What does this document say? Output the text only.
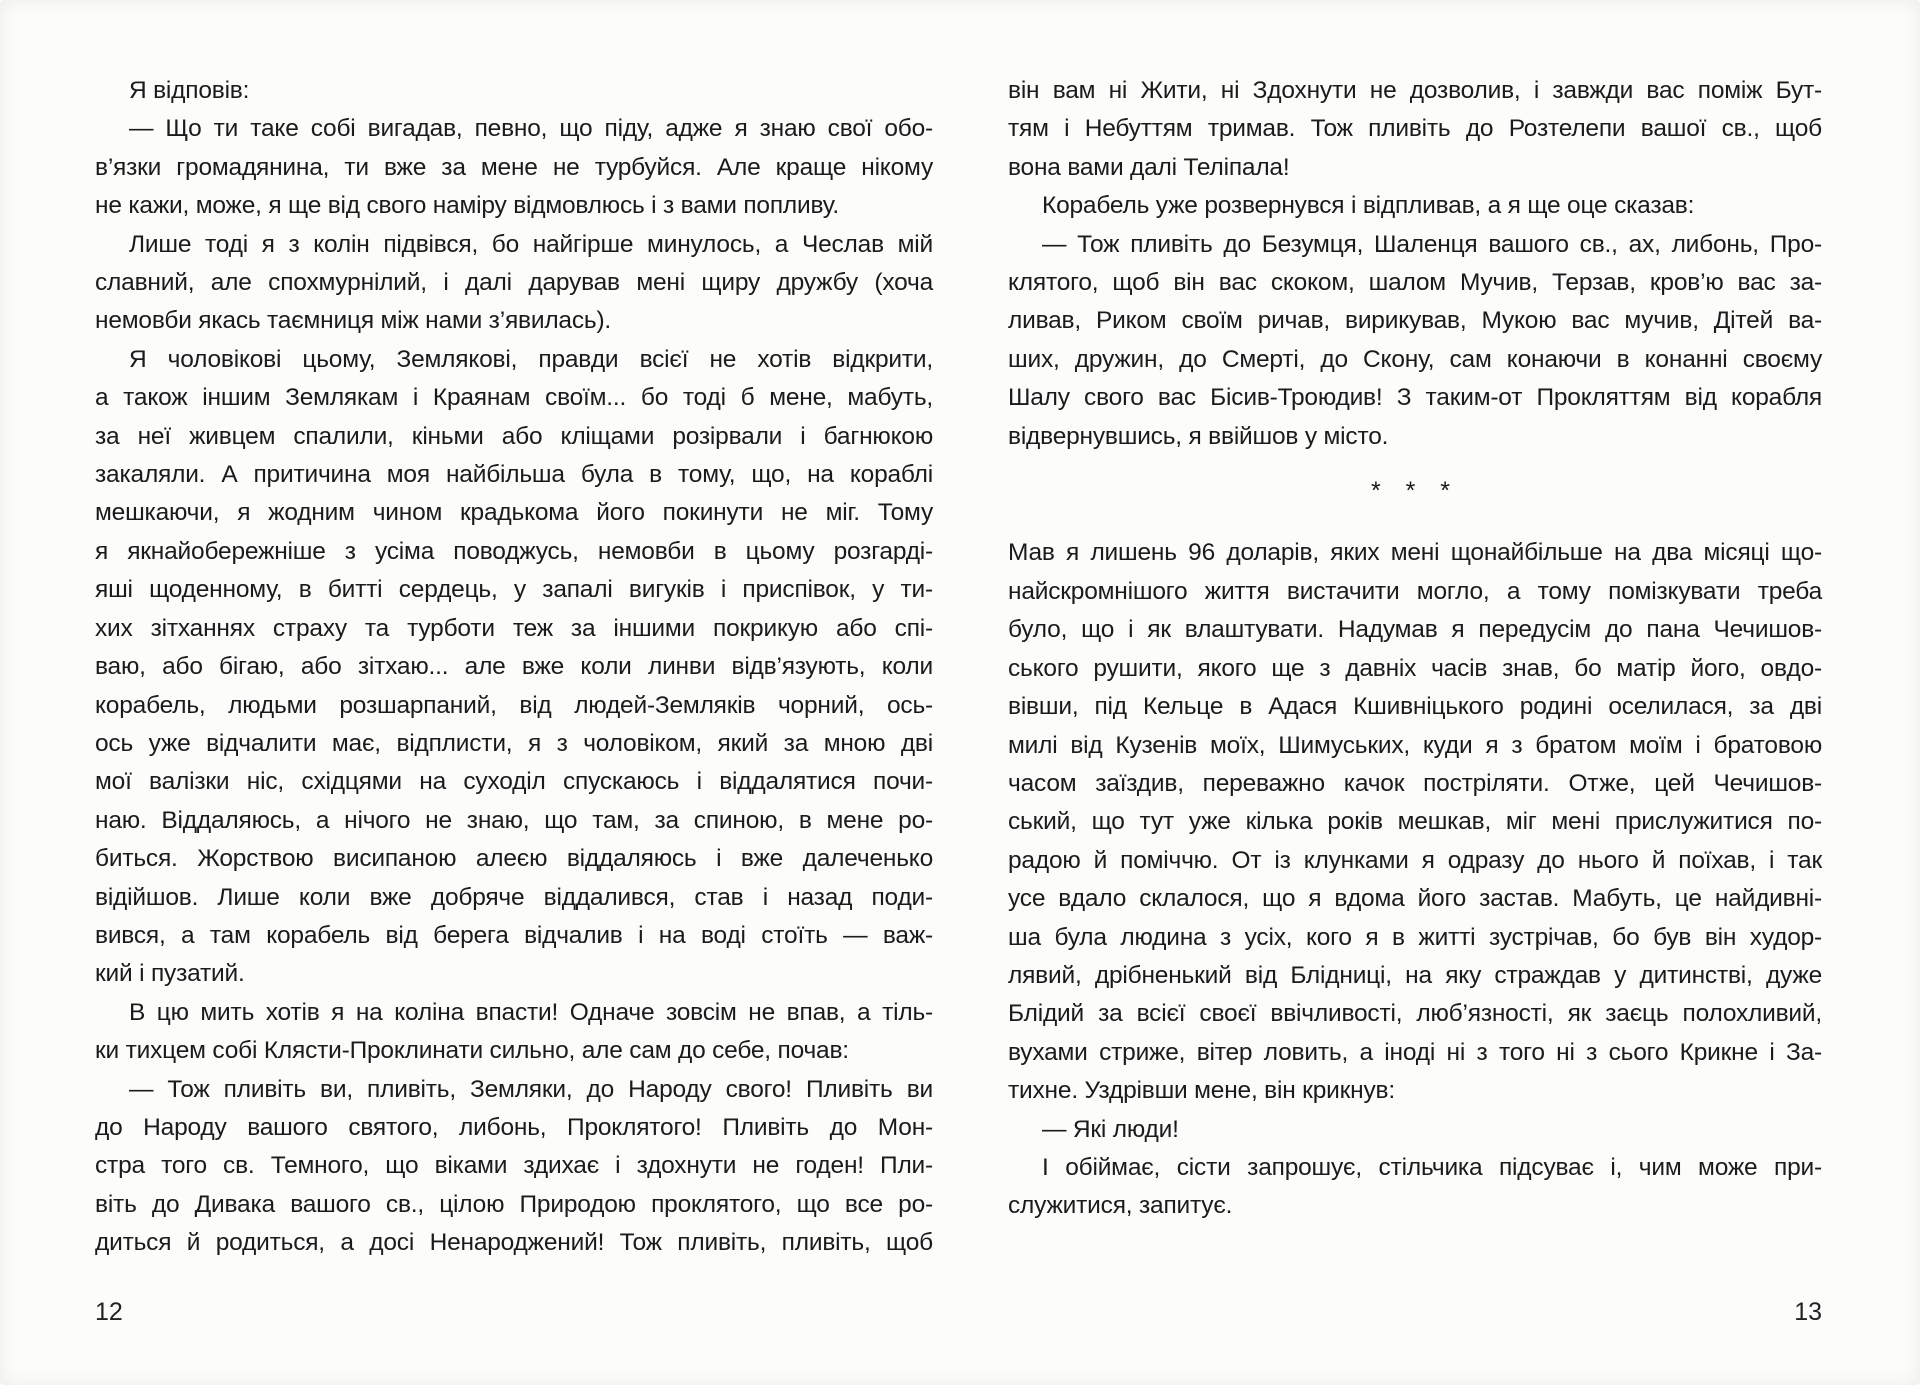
Я відповів:
— Що ти таке собі вигадав, певно, що піду, адже я знаю свої обо-
в’язки громадянина, ти вже за мене не турбуйся. Але краще нікому
не кажи, може, я ще від свого наміру відмовлюсь і з вами попливу.
Лише тоді я з колін підвівся, бо найгірше минулось, а Чеслав мій
славний, але спохмурнілий, і далі дарував мені щиру дружбу (хоча
немовби якась таємниця між нами з’явилась).
Я чоловікові цьому, Землякові, правди всієї не хотів відкрити,
а також іншим Землякам і Краянам своїм... бо тоді б мене, мабуть,
за неї живцем спалили, кіньми або кліщами розірвали і багнюкою
закаляли. А притичина моя найбільша була в тому, що, на кораблі
мешкаючи, я жодним чином крадькома його покинути не міг. Тому
я якнайобережніше з усіма поводжусь, немовби в цьому розгарді-
яші щоденному, в битті сердець, у запалі вигуків і приспівок, у ти-
хих зітханнях страху та турботи теж за іншими покрикую або спі-
ваю, або бігаю, або зітхаю... але вже коли линви відв’язують, коли
корабель, людьми розшарпаний, від людей-Земляків чорний, ось-
ось уже відчалити має, відплисти, я з чоловіком, який за мною дві
мої валізки ніс, східцями на суходіл спускаюсь і віддалятися почи-
наю. Віддаляюсь, а нічого не знаю, що там, за спиною, в мене ро-
биться. Жорствою висипаною алеєю віддаляюсь і вже далеченько
відійшов. Лише коли вже добряче віддалився, став і назад поди-
вився, а там корабель від берега відчалив і на воді стоїть — важ-
кий і пузатий.
В цю мить хотів я на коліна впасти! Одначе зовсім не впав, а тіль-
ки тихцем собі Клясти-Проклинати сильно, але сам до себе, почав:
— Тож пливіть ви, пливіть, Земляки, до Народу свого! Пливіть ви
до Народу вашого святого, либонь, Проклятого! Пливіть до Мон-
стра того св. Темного, що віками здихає і здохнути не годен! Пли-
віть до Дивака вашого св., цілою Природою проклятого, що все ро-
диться й родиться, а досі Ненароджений! Тож пливіть, пливіть, щоб
він вам ні Жити, ні Здохнути не дозволив, і завжди вас поміж Бут-
тям і Небуттям тримав. Тож пливіть до Розтелепи вашої св., щоб
вона вами далі Теліпала!
Корабель уже розвернувся і відпливав, а я ще оце сказав:
— Тож пливіть до Безумця, Шаленця вашого св., ах, либонь, Про-
клятого, щоб він вас скоком, шалом Мучив, Терзав, кров’ю вас за-
ливав, Риком своїм ричав, вирикував, Мукою вас мучив, Дітей ва-
ших, дружин, до Смерті, до Скону, сам конаючи в конанні своєму
Шалу свого вас Бісив-Троюдив! З таким-от Прокляттям від корабля
відвернувшись, я ввійшов у місто.
* * *
Мав я лишень 96 доларів, яких мені щонайбільше на два місяці що-
найскромнішого життя вистачити могло, а тому помізкувати треба
було, що і як влаштувати. Надумав я передусім до пана Чечишов-
ського рушити, якого ще з давніх часів знав, бо матір його, овдо-
вівши, під Кельце в Адася Кшивніцького родині оселилася, за дві
милі від Кузенів моїх, Шимуських, куди я з братом моїм і братовою
часом заїздив, переважно качок постріляти. Отже, цей Чечишов-
ський, що тут уже кілька років мешкав, міг мені прислужитися по-
радою й поміччю. От із клунками я одразу до нього й поїхав, і так
усе вдало склалося, що я вдома його застав. Мабуть, це найдивні-
ша була людина з усіх, кого я в житті зустрічав, бо був він худор-
лявий, дрібненький від Блідниці, на яку страждав у дитинстві, дуже
Блідий за всієї своєї ввічливості, люб’язності, як заєць полохливий,
вухами стриже, вітер ловить, а іноді ні з того ні з сього Крикне і За-
тихне. Уздрівши мене, він крикнув:
— Які люди!
І обіймає, сісти запрошує, стільчика підсуває і, чим може при-
служитися, запитує.
12	13
